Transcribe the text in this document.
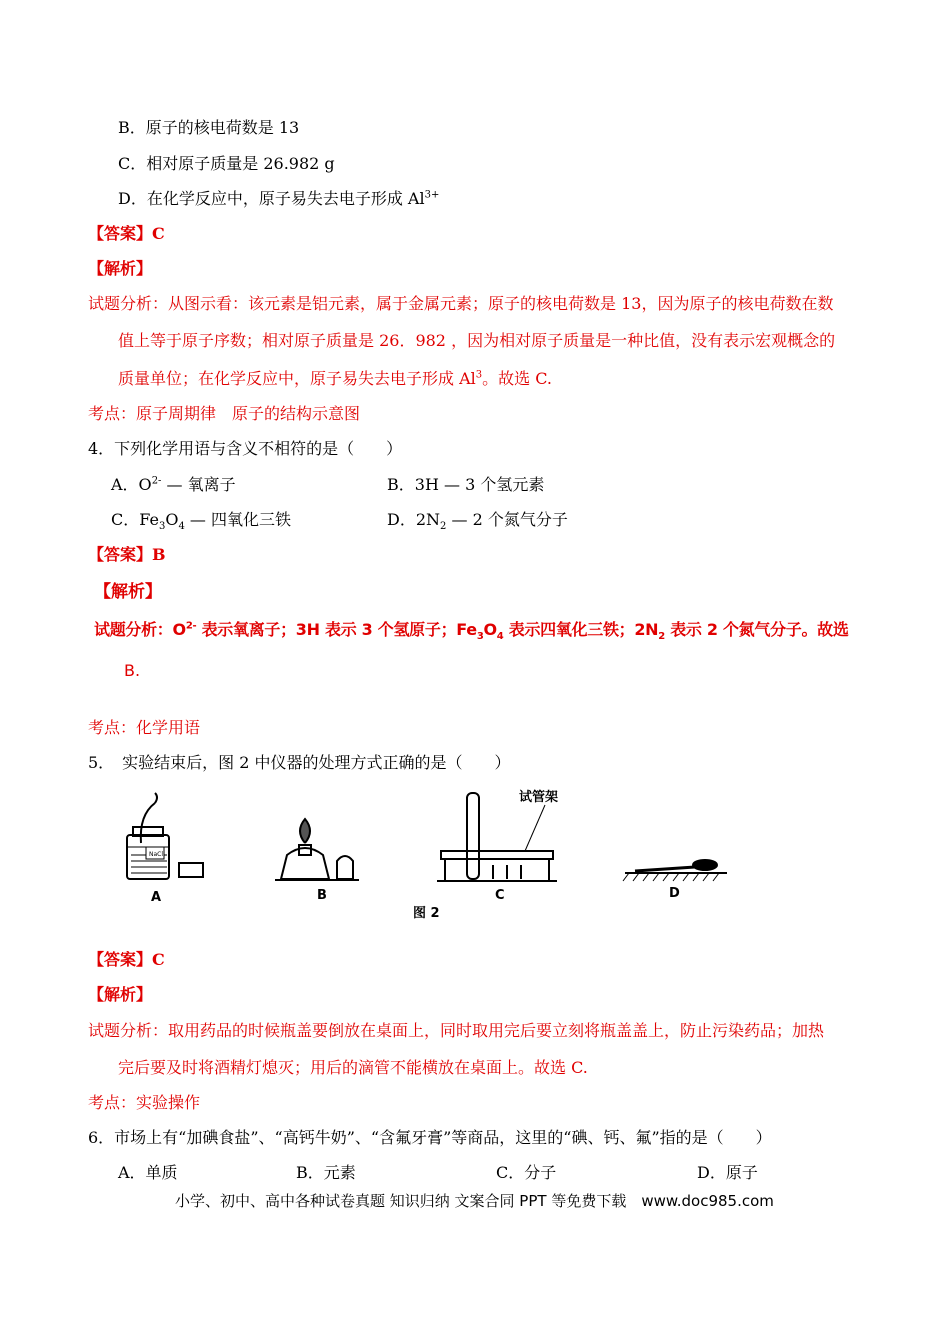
B．原子的核电荷数是 13
C．相对原子质量是 26.982 g
D．在化学反应中，原子易失去电子形成 $Al^{3+}$
【答案】C
【解析】
试题分析：从图示看：该元素是铝元素，属于金属元素；原子的核电荷数是 13，因为原子的核电荷数在数
值上等于原子序数；相对原子质量是 26．982 ，因为相对原子质量是一种比值，没有表示宏观概念的
质量单位；在化学反应中，原子易失去电子形成 Al$^3$。故选 C.
考点：原子周期律　原子的结构示意图
4．下列化学用语与含义不相符的是（　　）
A．$O^{2-}$ — 氧离子	B．3H — 3 个氢元素
C．$Fe_3O_4$ — 四氧化三铁	D．$2N_2$ — 2 个氮气分子
【答案】B
【解析】
试题分析：$O^{2-}$ 表示氧离子；3H 表示 3 个氢原子；$Fe_3O_4$ 表示四氧化三铁；$2N_2$ 表示 2 个氮气分子。故选
B.
考点：化学用语
5．　实验结束后，图 2 中仪器的处理方式正确的是（　　）
NaCl
试管架
A	B	C	D
图 2
【答案】C
【解析】
试题分析：取用药品的时候瓶盖要倒放在桌面上，同时取用完后要立刻将瓶盖盖上，防止污染药品；加热
完后要及时将酒精灯熄灭；用后的滴管不能横放在桌面上。故选 C.
考点：实验操作
6．市场上有“加碘食盐”、“高钙牛奶”、“含氟牙膏”等商品，这里的“碘、钙、氟”指的是（　　）
A．单质	B．元素	C．分子	D．原子
小学、初中、高中各种试卷真题 知识归纳 文案合同 PPT 等免费下载　www.doc985.com
